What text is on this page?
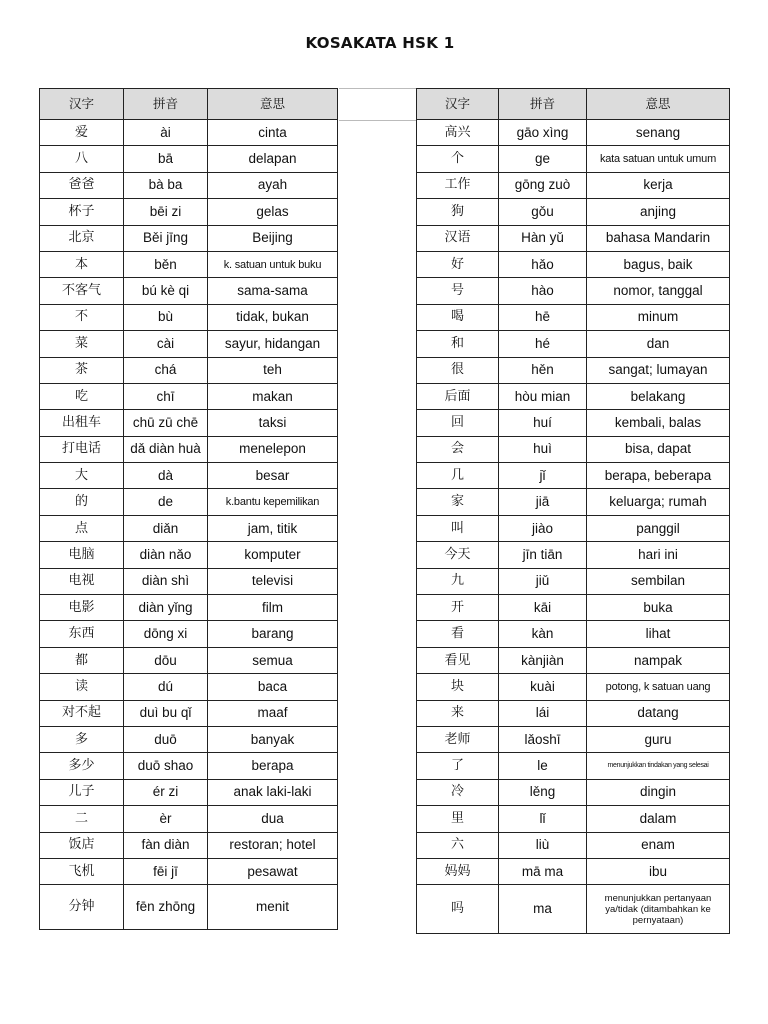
KOSAKATA HSK 1
汉字	拼音	意思
爱	ài	cinta
八	bā	delapan
爸爸	bà ba	ayah
杯子	bēi zi	gelas
北京	Běi jīng	Beijing
本	běn	k. satuan untuk buku
不客气	bú kè qi	sama-sama
不	bù	tidak, bukan
菜	cài	sayur, hidangan
茶	chá	teh
吃	chī	makan
出租车	chū zū chē	taksi
打电话	dǎ diàn huà	menelepon
大	dà	besar
的	de	k.bantu kepemilikan
点	diǎn	jam, titik
电脑	diàn nǎo	komputer
电视	diàn shì	televisi
电影	diàn yǐng	film
东西	dōng xi	barang
都	dōu	semua
读	dú	baca
对不起	duì bu qǐ	maaf
多	duō	banyak
多少	duō shao	berapa
儿子	ér zi	anak laki-laki
二	èr	dua
饭店	fàn diàn	restoran; hotel
飞机	fēi jī	pesawat
分钟	fēn zhōng	menit
汉字	拼音	意思
高兴	gāo xìng	senang
个	ge	kata satuan untuk umum
工作	gōng zuò	kerja
狗	gǒu	anjing
汉语	Hàn yǔ	bahasa Mandarin
好	hǎo	bagus, baik
号	hào	nomor, tanggal
喝	hē	minum
和	hé	dan
很	hěn	sangat; lumayan
后面	hòu mian	belakang
回	huí	kembali, balas
会	huì	bisa, dapat
几	jǐ	berapa, beberapa
家	jiā	keluarga; rumah
叫	jiào	panggil
今天	jīn tiān	hari ini
九	jiǔ	sembilan
开	kāi	buka
看	kàn	lihat
看见	kànjiàn	nampak
块	kuài	potong, k satuan uang
来	lái	datang
老师	lǎoshī	guru
了	le	menunjukkan tindakan yang selesai
冷	lěng	dingin
里	lǐ	dalam
六	liù	enam
妈妈	mā ma	ibu
吗	ma	menunjukkan pertanyaan ya/tidak (ditambahkan ke pernyataan)
